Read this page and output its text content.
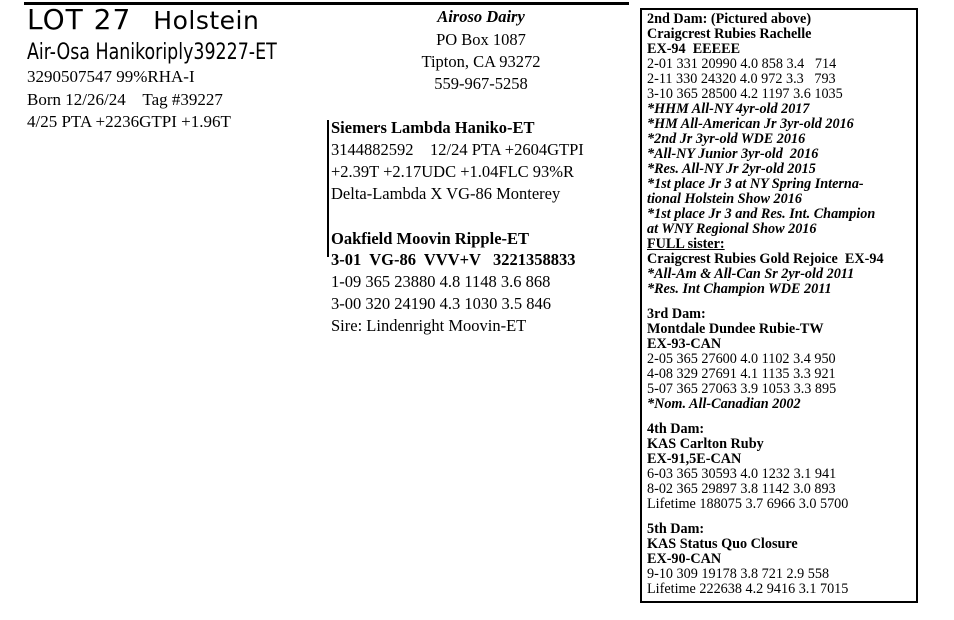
LOT 27 Holstein
Air-Osa Hanikoriply39227-ET
3290507547 99%RHA-I
Born 12/26/24    Tag #39227
4/25 PTA +2236GTPI +1.96T
Airoso Dairy
PO Box 1087
Tipton, CA 93272
559-967-5258
Siemers Lambda Haniko-ET
3144882592    12/24 PTA +2604GTPI
+2.39T +2.17UDC +1.04FLC 93%R
Delta-Lambda X VG-86 Monterey
Oakfield Moovin Ripple-ET
3-01  VG-86  VVV+V   3221358833
1-09 365 23880 4.8 1148 3.6 868
3-00 320 24190 4.3 1030 3.5 846
Sire: Lindenright Moovin-ET
2nd Dam: (Pictured above)
Craigcrest Rubies Rachelle
EX-94  EEEEE
2-01 331 20990 4.0 858 3.4   714
2-11 330 24320 4.0 972 3.3   793
3-10 365 28500 4.2 1197 3.6 1035
*HHM All-NY 4yr-old 2017
*HM All-American Jr 3yr-old 2016
*2nd Jr 3yr-old WDE 2016
*All-NY Junior 3yr-old  2016
*Res. All-NY Jr 2yr-old 2015
*1st place Jr 3 at NY Spring Interna-
tional Holstein Show 2016
*1st place Jr 3 and Res. Int. Champion
at WNY Regional Show 2016
FULL sister:
Craigcrest Rubies Gold Rejoice  EX-94
*All-Am & All-Can Sr 2yr-old 2011
*Res. Int Champion WDE 2011
3rd Dam:
Montdale Dundee Rubie-TW
EX-93-CAN
2-05 365 27600 4.0 1102 3.4 950
4-08 329 27691 4.1 1135 3.3 921
5-07 365 27063 3.9 1053 3.3 895
*Nom. All-Canadian 2002
4th Dam:
KAS Carlton Ruby
EX-91,5E-CAN
6-03 365 30593 4.0 1232 3.1 941
8-02 365 29897 3.8 1142 3.0 893
Lifetime 188075 3.7 6966 3.0 5700
5th Dam:
KAS Status Quo Closure
EX-90-CAN
9-10 309 19178 3.8 721 2.9 558
Lifetime 222638 4.2 9416 3.1 7015
